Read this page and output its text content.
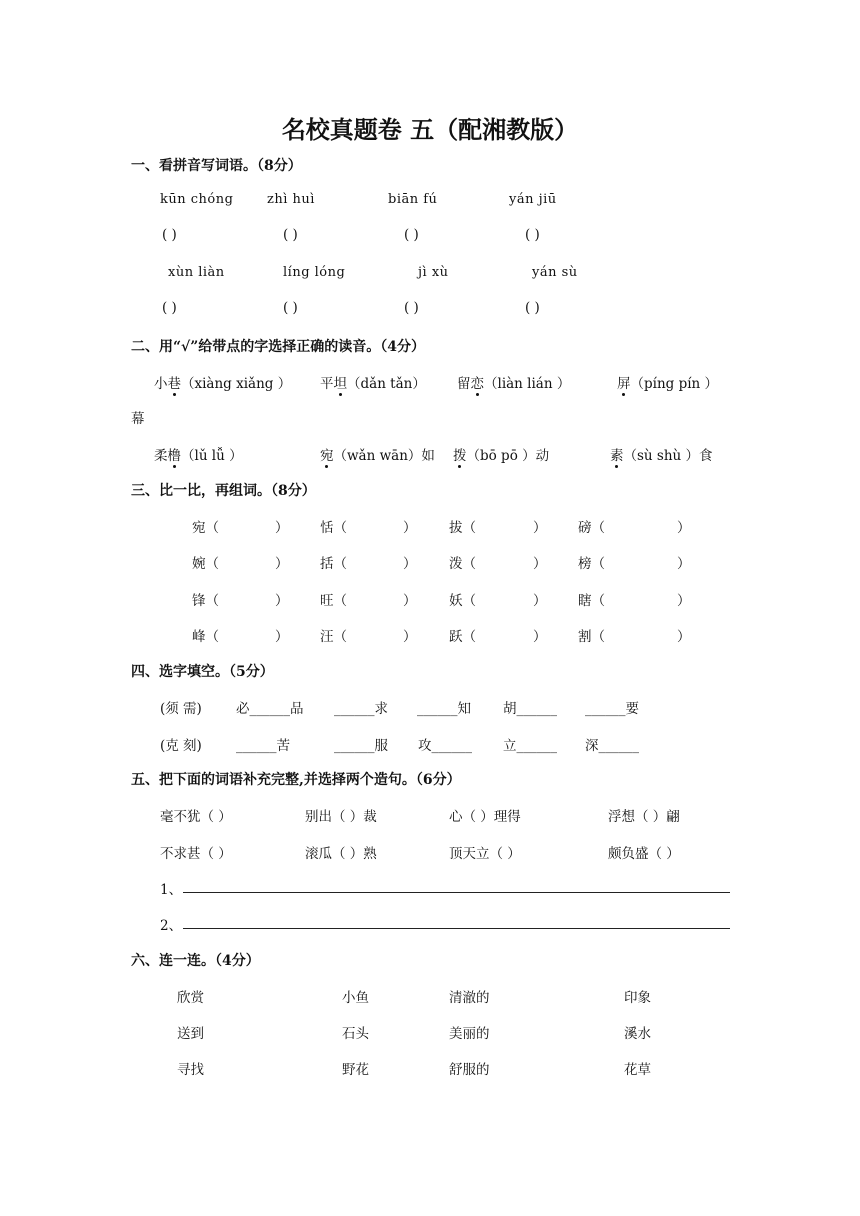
名校真题卷 五（配湘教版）
一、看拼音写词语。（8分）
kūn chóng	zhì huì	biān fú	yán jiū
( )	( )	( )	( )
xùn liàn	líng lóng	jì xù	yán sù
( )	( )	( )	( )
二、用“√”给带点的字选择正确的读音。（4分）
小巷（xiàng xiǎng ） 平坦（dǎn tǎn） 留恋（liàn lián ）	屏（píng pín ）
幕
柔橹（lǔ lǚ ）	宛（wǎn wān）如 拨（bō pō ）动	素（sù shù ）食
三、比一比，再组词。（8分）
宛（	） 恬（	） 拔（	） 磅（	）
婉（	） 括（	） 泼（	） 榜（	）
锋（	） 旺（	） 妖（	） 瞎（	）
峰（	） 汪（	） 跃（	） 割（	）
四、选字填空。（5分）
(须 需)	必______品 ______求 ______知 胡______ ______要
(克 刻)	______苦	______服 攻______ 立______ 深______
五、把下面的词语补充完整,并选择两个造句。（6分）
毫不犹（ ）	别出（ ）裁	心（ ）理得	浮想（ ）翩
不求甚（ ）	滚瓜（ ）熟	顶天立（ ）	颇负盛（ ）
1、
2、
六、连一连。（4分）
欣赏	小鱼	清澈的	印象
送到	石头	美丽的	溪水
寻找	野花	舒服的	花草
